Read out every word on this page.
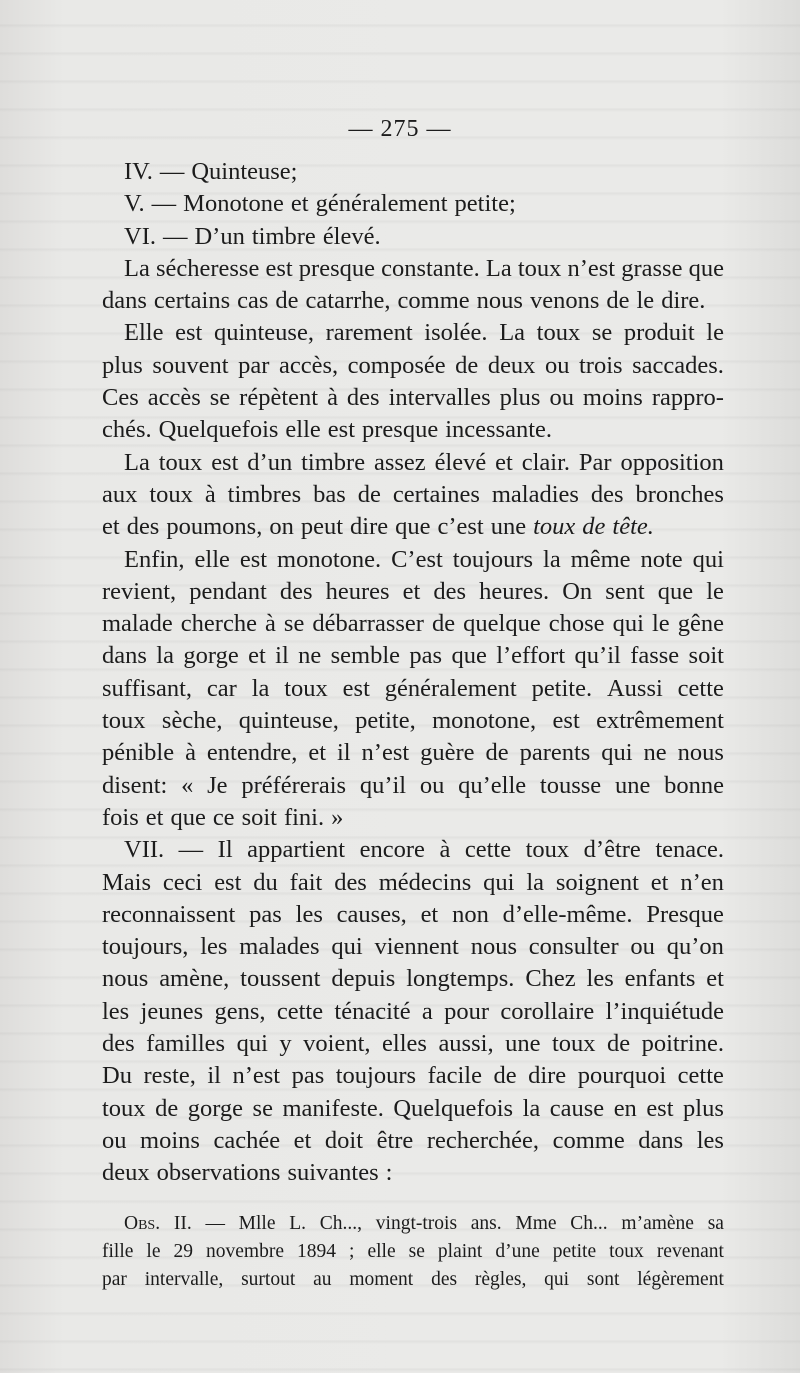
— 275 —
IV. — Quinteuse;
V. — Monotone et généralement petite;
VI. — D’un timbre élevé.
La sécheresse est presque constante. La toux n’est grasse que
dans certains cas de catarrhe, comme nous venons de le dire.
Elle est quinteuse, rarement isolée. La toux se produit le
plus souvent par accès, composée de deux ou trois saccades.
Ces accès se répètent à des intervalles plus ou moins rappro-
chés. Quelquefois elle est presque incessante.
La toux est d’un timbre assez élevé et clair. Par opposition
aux toux à timbres bas de certaines maladies des bronches
et des poumons, on peut dire que c’est une toux de tête.
Enfin, elle est monotone. C’est toujours la même note qui
revient, pendant des heures et des heures. On sent que le
malade cherche à se débarrasser de quelque chose qui le gêne
dans la gorge et il ne semble pas que l’effort qu’il fasse soit
suffisant, car la toux est généralement petite. Aussi cette
toux sèche, quinteuse, petite, monotone, est extrêmement
pénible à entendre, et il n’est guère de parents qui ne nous
disent: « Je préférerais qu’il ou qu’elle tousse une bonne
fois et que ce soit fini. »
VII. — Il appartient encore à cette toux d’être tenace.
Mais ceci est du fait des médecins qui la soignent et n’en
reconnaissent pas les causes, et non d’elle-même. Presque
toujours, les malades qui viennent nous consulter ou qu’on
nous amène, toussent depuis longtemps. Chez les enfants et
les jeunes gens, cette ténacité a pour corollaire l’inquiétude
des familles qui y voient, elles aussi, une toux de poitrine.
Du reste, il n’est pas toujours facile de dire pourquoi cette
toux de gorge se manifeste. Quelquefois la cause en est plus
ou moins cachée et doit être recherchée, comme dans les
deux observations suivantes :
Obs. II. — Mlle L. Ch..., vingt-trois ans. Mme Ch... m’amène sa
fille le 29 novembre 1894 ; elle se plaint d’une petite toux revenant
par intervalle, surtout au moment des règles, qui sont légèrement
